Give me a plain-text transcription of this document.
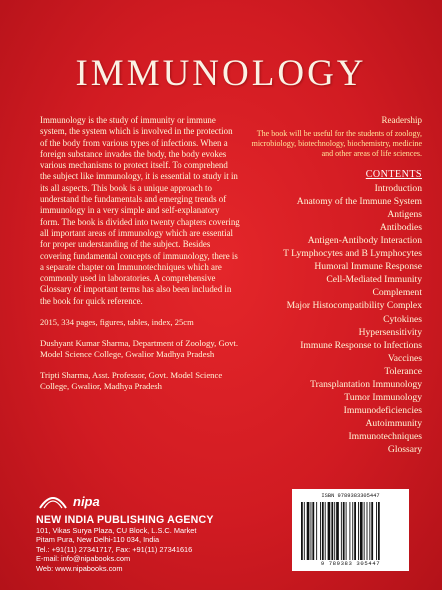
IMMUNOLOGY

Immunology is the study of immunity or immune system, the system which is involved in the protection of the body from various types of infections. When a foreign substance invades the body, the body evokes various mechanisms to protect itself. To comprehend the subject like immunology, it is essential to study it in its all aspects. This book is a unique approach to understand the fundamentals and emerging trends of immunology in a very simple and self-explanatory form. The book is divided into twenty chapters covering all important areas of immunology which are essential for proper understanding of the subject. Besides covering fundamental concepts of immunology, there is a separate chapter on Immunotechniques which are commonly used in laboratories. A comprehensive Glossary of important terms has also been included in the book for quick reference.

2015, 334 pages, figures, tables, index, 25cm

Dushyant Kumar Sharma, Department of Zoology, Govt. Model Science College, Gwalior Madhya Pradesh

Tripti Sharma, Asst. Professor, Govt. Model Science College, Gwalior, Madhya Pradesh

Readership
The book will be useful for the students of zoology, microbiology, biotechnology, biochemistry, medicine and other areas of life sciences.
CONTENTS
Introduction
Anatomy of the Immune System
Antigens
Antibodies
Antigen-Antibody Interaction
T Lymphocytes and B Lymphocytes
Humoral Immune Response
Cell-Mediated Immunity
Complement
Major Histocompatibility Complex
Cytokines
Hypersensitivity
Immune Response to Infections
Vaccines
Tolerance
Transplantation Immunology
Tumor Immunology
Immunodeficiencies
Autoimmunity
Immunotechniques
Glossary
nipa
NEW INDIA PUBLISHING AGENCY
101, Vikas Surya Plaza, CU Block, L.S.C. Market
Pitam Pura, New Delhi-110 034, India
Tel.: +91(11) 27341717, Fax: +91(11) 27341616
E-mail: info@nipabooks.com
Web: www.nipabooks.com
ISBN 9789383305447
9 789383 305447
